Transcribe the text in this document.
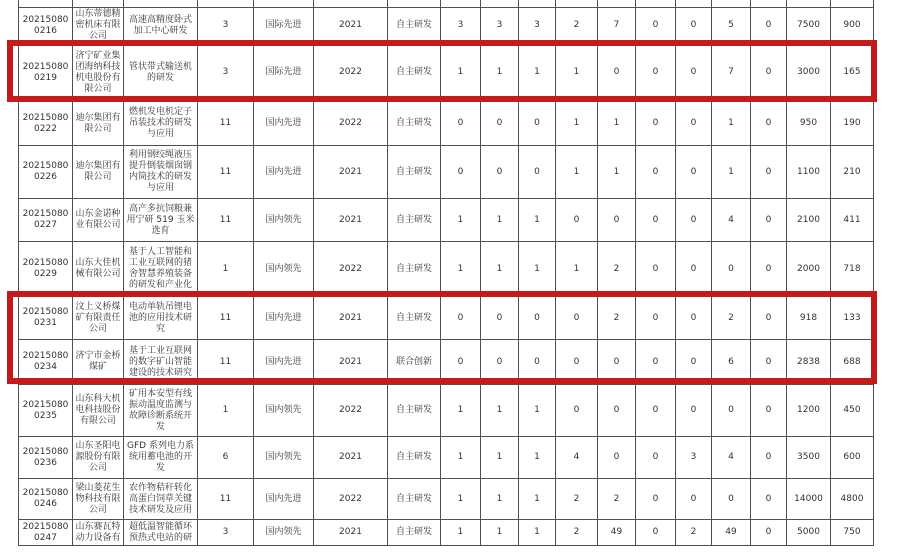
202150800216	山东蒂德精密机床有限公司	高速高精度卧式加工中心研发	3	国际先进	2021	自主研发	3	3	3	2	7	0	0	5	0	7500	900
202150800219	济宁矿业集团海纳科技机电股份有限公司	管状带式输送机的研发	3	国际先进	2022	自主研发	1	1	1	1	0	0	0	7	0	3000	165
202150800222	迪尔集团有限公司	燃机发电机定子吊装技术的研发与应用	11	国内先进	2022	自主研发	0	0	0	1	1	0	0	1	0	950	190
202150800226	迪尔集团有限公司	利用钢绞绳液压提升倒装烟囱钢内筒技术的研发与应用	11	国内先进	2021	自主研发	0	0	0	1	1	0	0	1	0	1100	210
202150800227	山东金诺种业有限公司	高产多抗饲粮兼用宁研 519 玉米选育	11	国内领先	2021	自主研发	1	1	1	0	0	0	0	4	0	2100	411
202150800229	山东大佳机械有限公司	基于人工智能和工业互联网的猪舍智慧养殖装备的研发和产业化	1	国内领先	2022	自主研发	1	1	1	1	2	0	0	0	0	2000	718
202150800231	汶上义桥煤矿有限责任公司	电动单轨吊锂电池的应用技术研究	11	国内先进	2021	自主研发	0	0	0	0	2	0	0	2	0	918	133
202150800234	济宁市金桥煤矿	基于工业互联网的数字矿山智能建设的技术研究	11	国内先进	2021	联合创新	0	0	0	0	0	0	0	6	0	2838	688
202150800235	山东科大机电科技股份有限公司	矿用本安型有线振动温度监测与故障诊断系统开发	1	国内领先	2022	自主研发	1	1	1	0	0	0	0	0	0	1200	450
202150800236	山东圣阳电源股份有限公司	GFD 系列电力系统用蓄电池的开发	6	国内领先	2021	自主研发	1	1	1	4	0	0	3	4	0	3500	600
202150800246	梁山菱花生物科技有限公司	农作物秸秆转化高蛋白饲草关键技术研发及应用	11	国内先进	2022	自主研发	1	1	1	2	2	0	0	0	0	14000	4800
202150800247	山东赛瓦特动力设备有	超低温智能循环预热式电站的研	3	国内领先	2021	自主研发	1	1	1	2	49	0	2	49	0	5000	750
